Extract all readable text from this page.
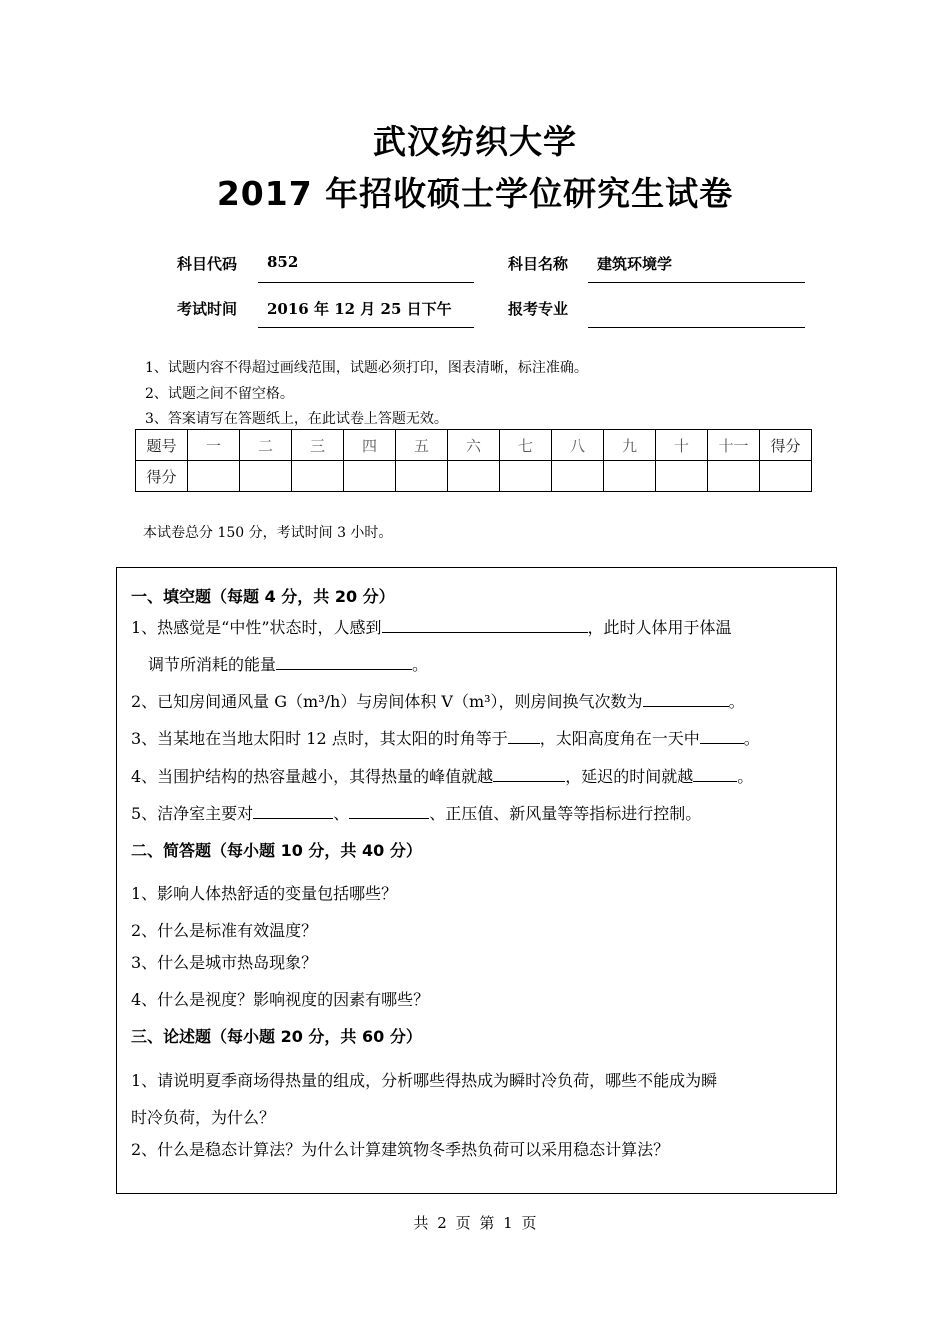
武汉纺织大学
2017 年招收硕士学位研究生试卷
科目代码 852	科目名称 建筑环境学
考试时间 2016 年 12 月 25 日下午	报考专业
1、试题内容不得超过画线范围，试题必须打印，图表清晰，标注准确。
2、试题之间不留空格。
3、答案请写在答题纸上，在此试卷上答题无效。
题号	一	二	三	四	五	六	七	八	九	十	十一	得分
得分												
本试卷总分 150 分，考试时间 3 小时。
一、填空题（每题 4 分，共 20 分）
1、热感觉是“中性”状态时，人感到	，此时人体用于体温
调节所消耗的能量	。
2、已知房间通风量 G（m³/h）与房间体积 V（m³），则房间换气次数为	。
3、当某地在当地太阳时 12 点时，其太阳的时角等于 ，太阳高度角在一天中	。
4、当围护结构的热容量越小，其得热量的峰值就越	，延迟的时间就越	。
5、洁净室主要对	、	、正压值、新风量等等指标进行控制。
二、简答题（每小题 10 分，共 40 分）
1、影响人体热舒适的变量包括哪些？
2、什么是标准有效温度？
3、什么是城市热岛现象？
4、什么是视度？影响视度的因素有哪些？
三、论述题（每小题 20 分，共 60 分）
1、请说明夏季商场得热量的组成，分析哪些得热成为瞬时冷负荷，哪些不能成为瞬
时冷负荷，为什么？
2、什么是稳态计算法？为什么计算建筑物冬季热负荷可以采用稳态计算法？
共 2 页 第 1 页
